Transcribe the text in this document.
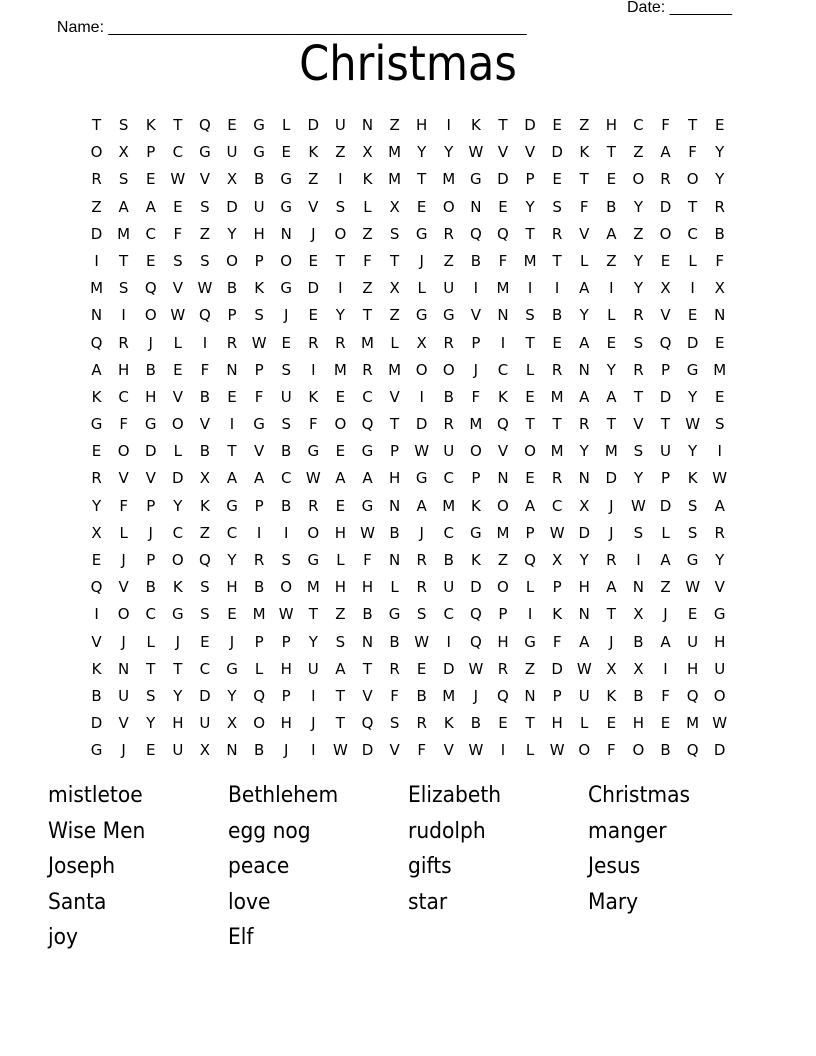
Name: _______________________________________________

Date: _______

Christmas
T	S	K	T	Q	E	G	L	D	U	N	Z	H	I	K	T	D	E	Z	H	C	F	T	E
O	X	P	C	G	U	G	E	K	Z	X	M	Y	Y	W V	V	D	K	T	Z	A	F	Y
R	S	E W V	X	B	G	Z	I	K	M	T	M G	D	P	E	T	E	O	R	O	Y
Z	A	A	E	S	D	U	G	V	S	L	X	E	O	N	E	Y	S	F	B	Y	D	T	R
D M	C	F	Z	Y	H	N	J	O	Z	S	G	R	Q	Q	T	R	V	A	Z	O	C	B
I	T	E	S	S	O	P	O	E	T	F	T	J	Z	B	F	M	T	L	Z	Y	E	L	F
M	S	Q	V W B	K	G	D	I	Z	X	L	U	I	M	I	I	A	I	Y	X	I	X
N	I	O W Q	P	S	J	E	Y	T	Z	G	G	V	N	S	B	Y	L	R	V	E	N
Q	R	J	L	I	R W E	R	R	M	L	X	R	P	I	T	E	A	E	S	Q	D	E
A	H	B	E	F	N	P	S	I	M	R	M O	O	J	C	L	R	N	Y	R	P	G M
K	C	H	V	B	E	F	U	K	E	C	V	I	B	F	K	E	M	A	A	T	D	Y	E
G	F	G	O	V	I	G	S	F	O	Q	T	D	R	M Q	T	T	R	T	V	T	W S
E	O	D	L	B	T	V	B	G	E	G	P	W U	O	V	O M	Y	M	S	U	Y	I
R	V	V	D	X	A	A	C W A	A	H	G	C	P	N	E	R	N	D	Y	P	K W
Y	F	P	Y	K	G	P	B	R	E	G	N	A	M	K	O	A	C	X	J	W D	S	A
X	L	J	C	Z	C	I	I	O	H W B	J	C	G M	P	W D	J	S	L	S	R
E	J	P	O	Q	Y	R	S	G	L	F	N	R	B	K	Z	Q	X	Y	R	I	A	G	Y
Q	V	B	K	S	H	B	O M H	H	L	R	U	D	O	L	P	H	A	N	Z W V
I	O	C	G	S	E	M W	T	Z	B	G	S	C	Q	P	I	K	N	T	X	J	E	G
V	J	L	J	E	J	P	P	Y	S	N	B W	I	Q	H	G	F	A	J	B	A	U	H
K	N	T	T	C	G	L	H	U	A	T	R	E	D W R	Z	D W X	X	I	H	U
B	U	S	Y	D	Y	Q	P	I	T	V	F	B	M	J	Q	N	P	U	K	B	F	Q	O
D	V	Y	H	U	X	O	H	J	T	Q	S	R	K	B	E	T	H	L	E	H	E	M W
G	J	E	U	X	N	B	J	I	W D	V	F	V W	I	L	W O	F	O	B	Q	D
mistletoe	Bethlehem	Elizabeth	Christmas
Wise Men	egg nog	rudolph	manger
Joseph	peace	gifts	Jesus
Santa	love	star	Mary
joy	Elf
